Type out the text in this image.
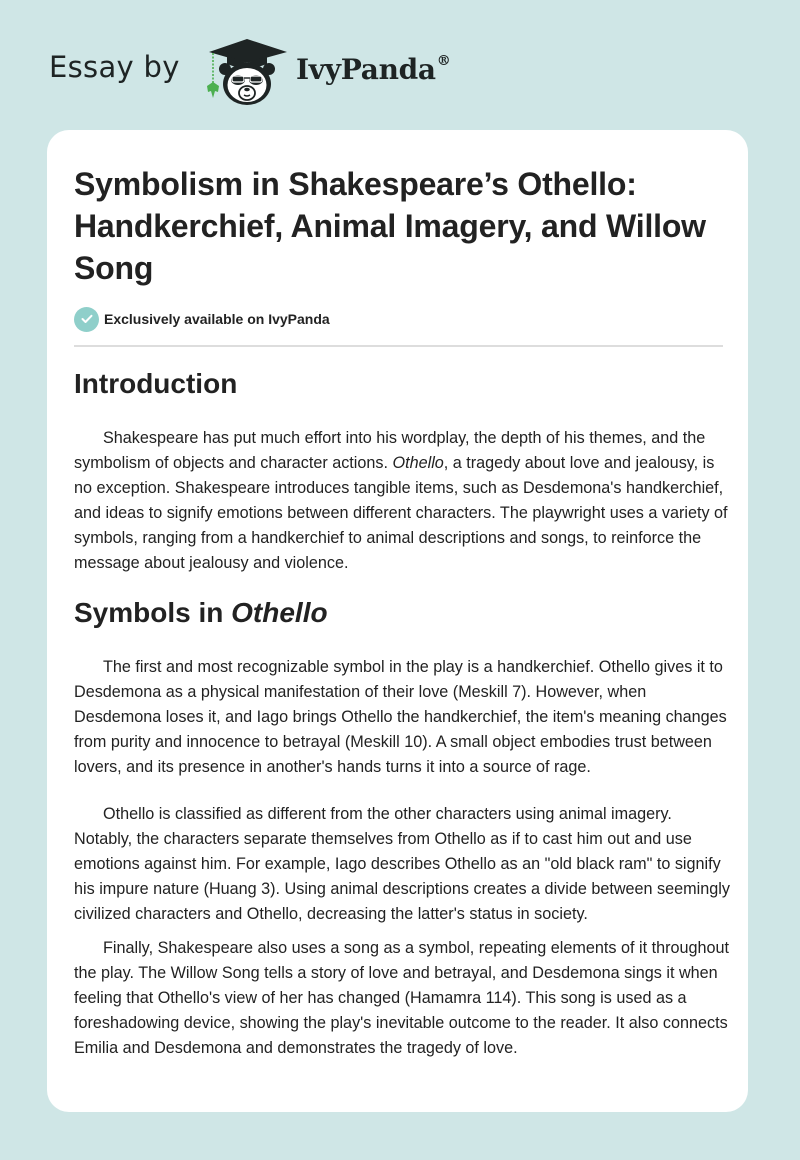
Essay by	IvyPanda®
Symbolism in Shakespeare’s Othello: Handkerchief, Animal Imagery, and Willow Song
Exclusively available on IvyPanda
Introduction

Shakespeare has put much effort into his wordplay, the depth of his themes, and the symbolism of objects and character actions. Othello, a tragedy about love and jealousy, is no exception. Shakespeare introduces tangible items, such as Desdemona's handkerchief, and ideas to signify emotions between different characters. The playwright uses a variety of symbols, ranging from a handkerchief to animal descriptions and songs, to reinforce the message about jealousy and violence.

Symbols in Othello

The first and most recognizable symbol in the play is a handkerchief. Othello gives it to Desdemona as a physical manifestation of their love (Meskill 7). However, when Desdemona loses it, and Iago brings Othello the handkerchief, the item's meaning changes from purity and innocence to betrayal (Meskill 10). A small object embodies trust between lovers, and its presence in another's hands turns it into a source of rage.

Othello is classified as different from the other characters using animal imagery. Notably, the characters separate themselves from Othello as if to cast him out and use emotions against him. For example, Iago describes Othello as an "old black ram" to signify his impure nature (Huang 3). Using animal descriptions creates a divide between seemingly civilized characters and Othello, decreasing the latter's status in society.

Finally, Shakespeare also uses a song as a symbol, repeating elements of it throughout the play. The Willow Song tells a story of love and betrayal, and Desdemona sings it when feeling that Othello's view of her has changed (Hamamra 114). This song is used as a foreshadowing device, showing the play's inevitable outcome to the reader. It also connects Emilia and Desdemona and demonstrates the tragedy of love.
